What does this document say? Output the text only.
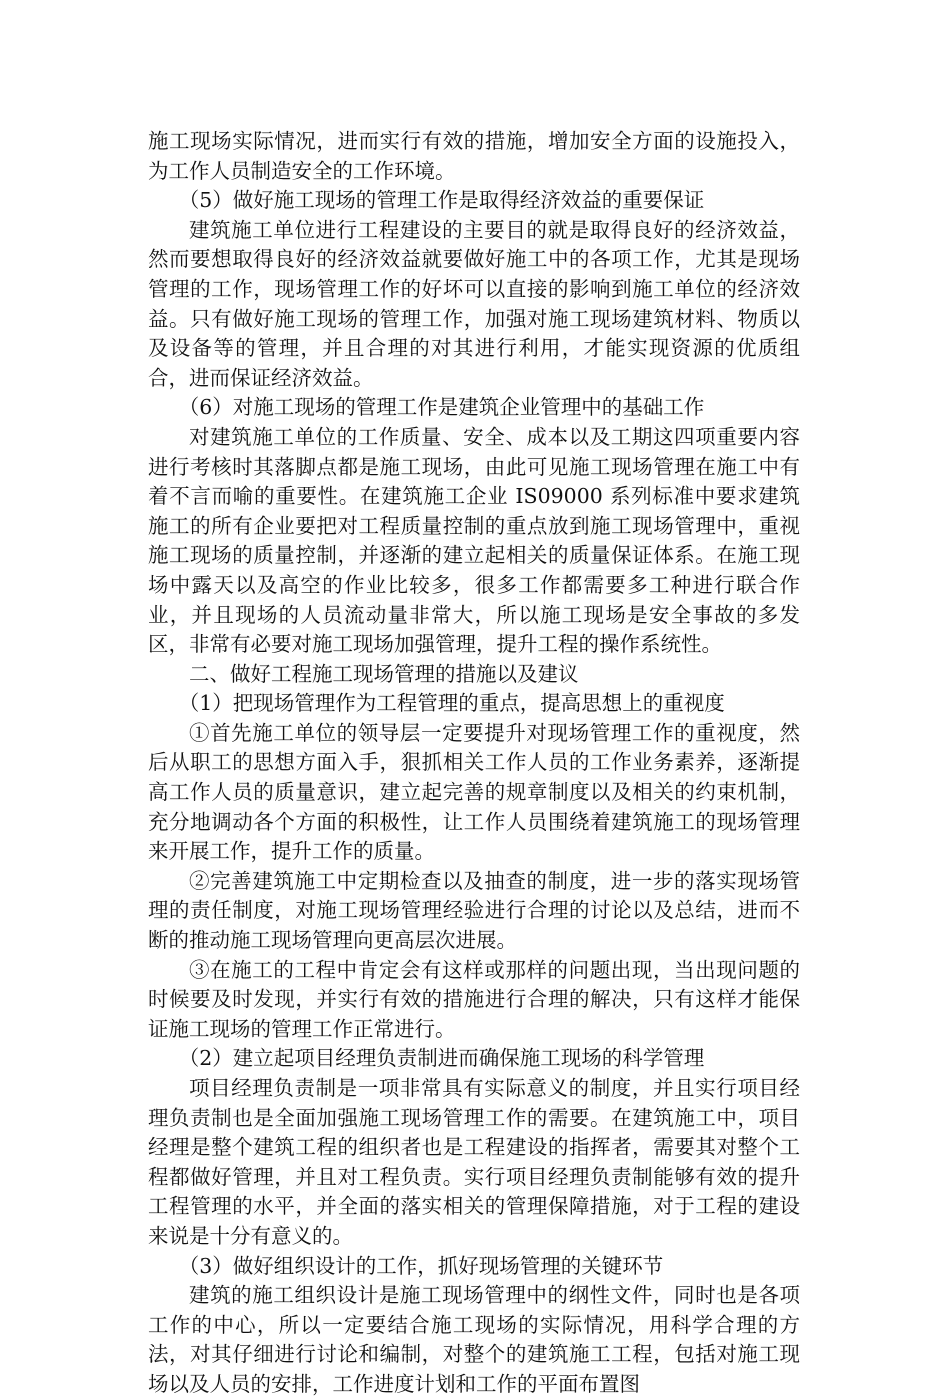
施工现场实际情况，进而实行有效的措施，增加安全方面的设施投入，为工作人员制造安全的工作环境。

（5）做好施工现场的管理工作是取得经济效益的重要保证

建筑施工单位进行工程建设的主要目的就是取得良好的经济效益，然而要想取得良好的经济效益就要做好施工中的各项工作，尤其是现场管理的工作，现场管理工作的好坏可以直接的影响到施工单位的经济效益。只有做好施工现场的管理工作，加强对施工现场建筑材料、物质以及设备等的管理，并且合理的对其进行利用，才能实现资源的优质组合，进而保证经济效益。

（6）对施工现场的管理工作是建筑企业管理中的基础工作

对建筑施工单位的工作质量、安全、成本以及工期这四项重要内容进行考核时其落脚点都是施工现场，由此可见施工现场管理在施工中有着不言而喻的重要性。在建筑施工企业 IS09000 系列标准中要求建筑施工的所有企业要把对工程质量控制的重点放到施工现场管理中，重视施工现场的质量控制，并逐渐的建立起相关的质量保证体系。在施工现场中露天以及高空的作业比较多，很多工作都需要多工种进行联合作业，并且现场的人员流动量非常大，所以施工现场是安全事故的多发区，非常有必要对施工现场加强管理，提升工程的操作系统性。

二、做好工程施工现场管理的措施以及建议

（1）把现场管理作为工程管理的重点，提高思想上的重视度

①首先施工单位的领导层一定要提升对现场管理工作的重视度，然后从职工的思想方面入手，狠抓相关工作人员的工作业务素养，逐渐提高工作人员的质量意识，建立起完善的规章制度以及相关的约束机制，充分地调动各个方面的积极性，让工作人员围绕着建筑施工的现场管理来开展工作，提升工作的质量。

②完善建筑施工中定期检查以及抽查的制度，进一步的落实现场管理的责任制度，对施工现场管理经验进行合理的讨论以及总结，进而不断的推动施工现场管理向更高层次进展。

③在施工的工程中肯定会有这样或那样的问题出现，当出现问题的时候要及时发现，并实行有效的措施进行合理的解决，只有这样才能保证施工现场的管理工作正常进行。

（2）建立起项目经理负责制进而确保施工现场的科学管理

项目经理负责制是一项非常具有实际意义的制度，并且实行项目经理负责制也是全面加强施工现场管理工作的需要。在建筑施工中，项目经理是整个建筑工程的组织者也是工程建设的指挥者，需要其对整个工程都做好管理，并且对工程负责。实行项目经理负责制能够有效的提升工程管理的水平，并全面的落实相关的管理保障措施，对于工程的建设来说是十分有意义的。

（3）做好组织设计的工作，抓好现场管理的关键环节

建筑的施工组织设计是施工现场管理中的纲性文件，同时也是各项工作的中心，所以一定要结合施工现场的实际情况，用科学合理的方法，对其仔细进行讨论和编制，对整个的建筑施工工程，包括对施工现场以及人员的安排，工作进度计划和工作的平面布置图
